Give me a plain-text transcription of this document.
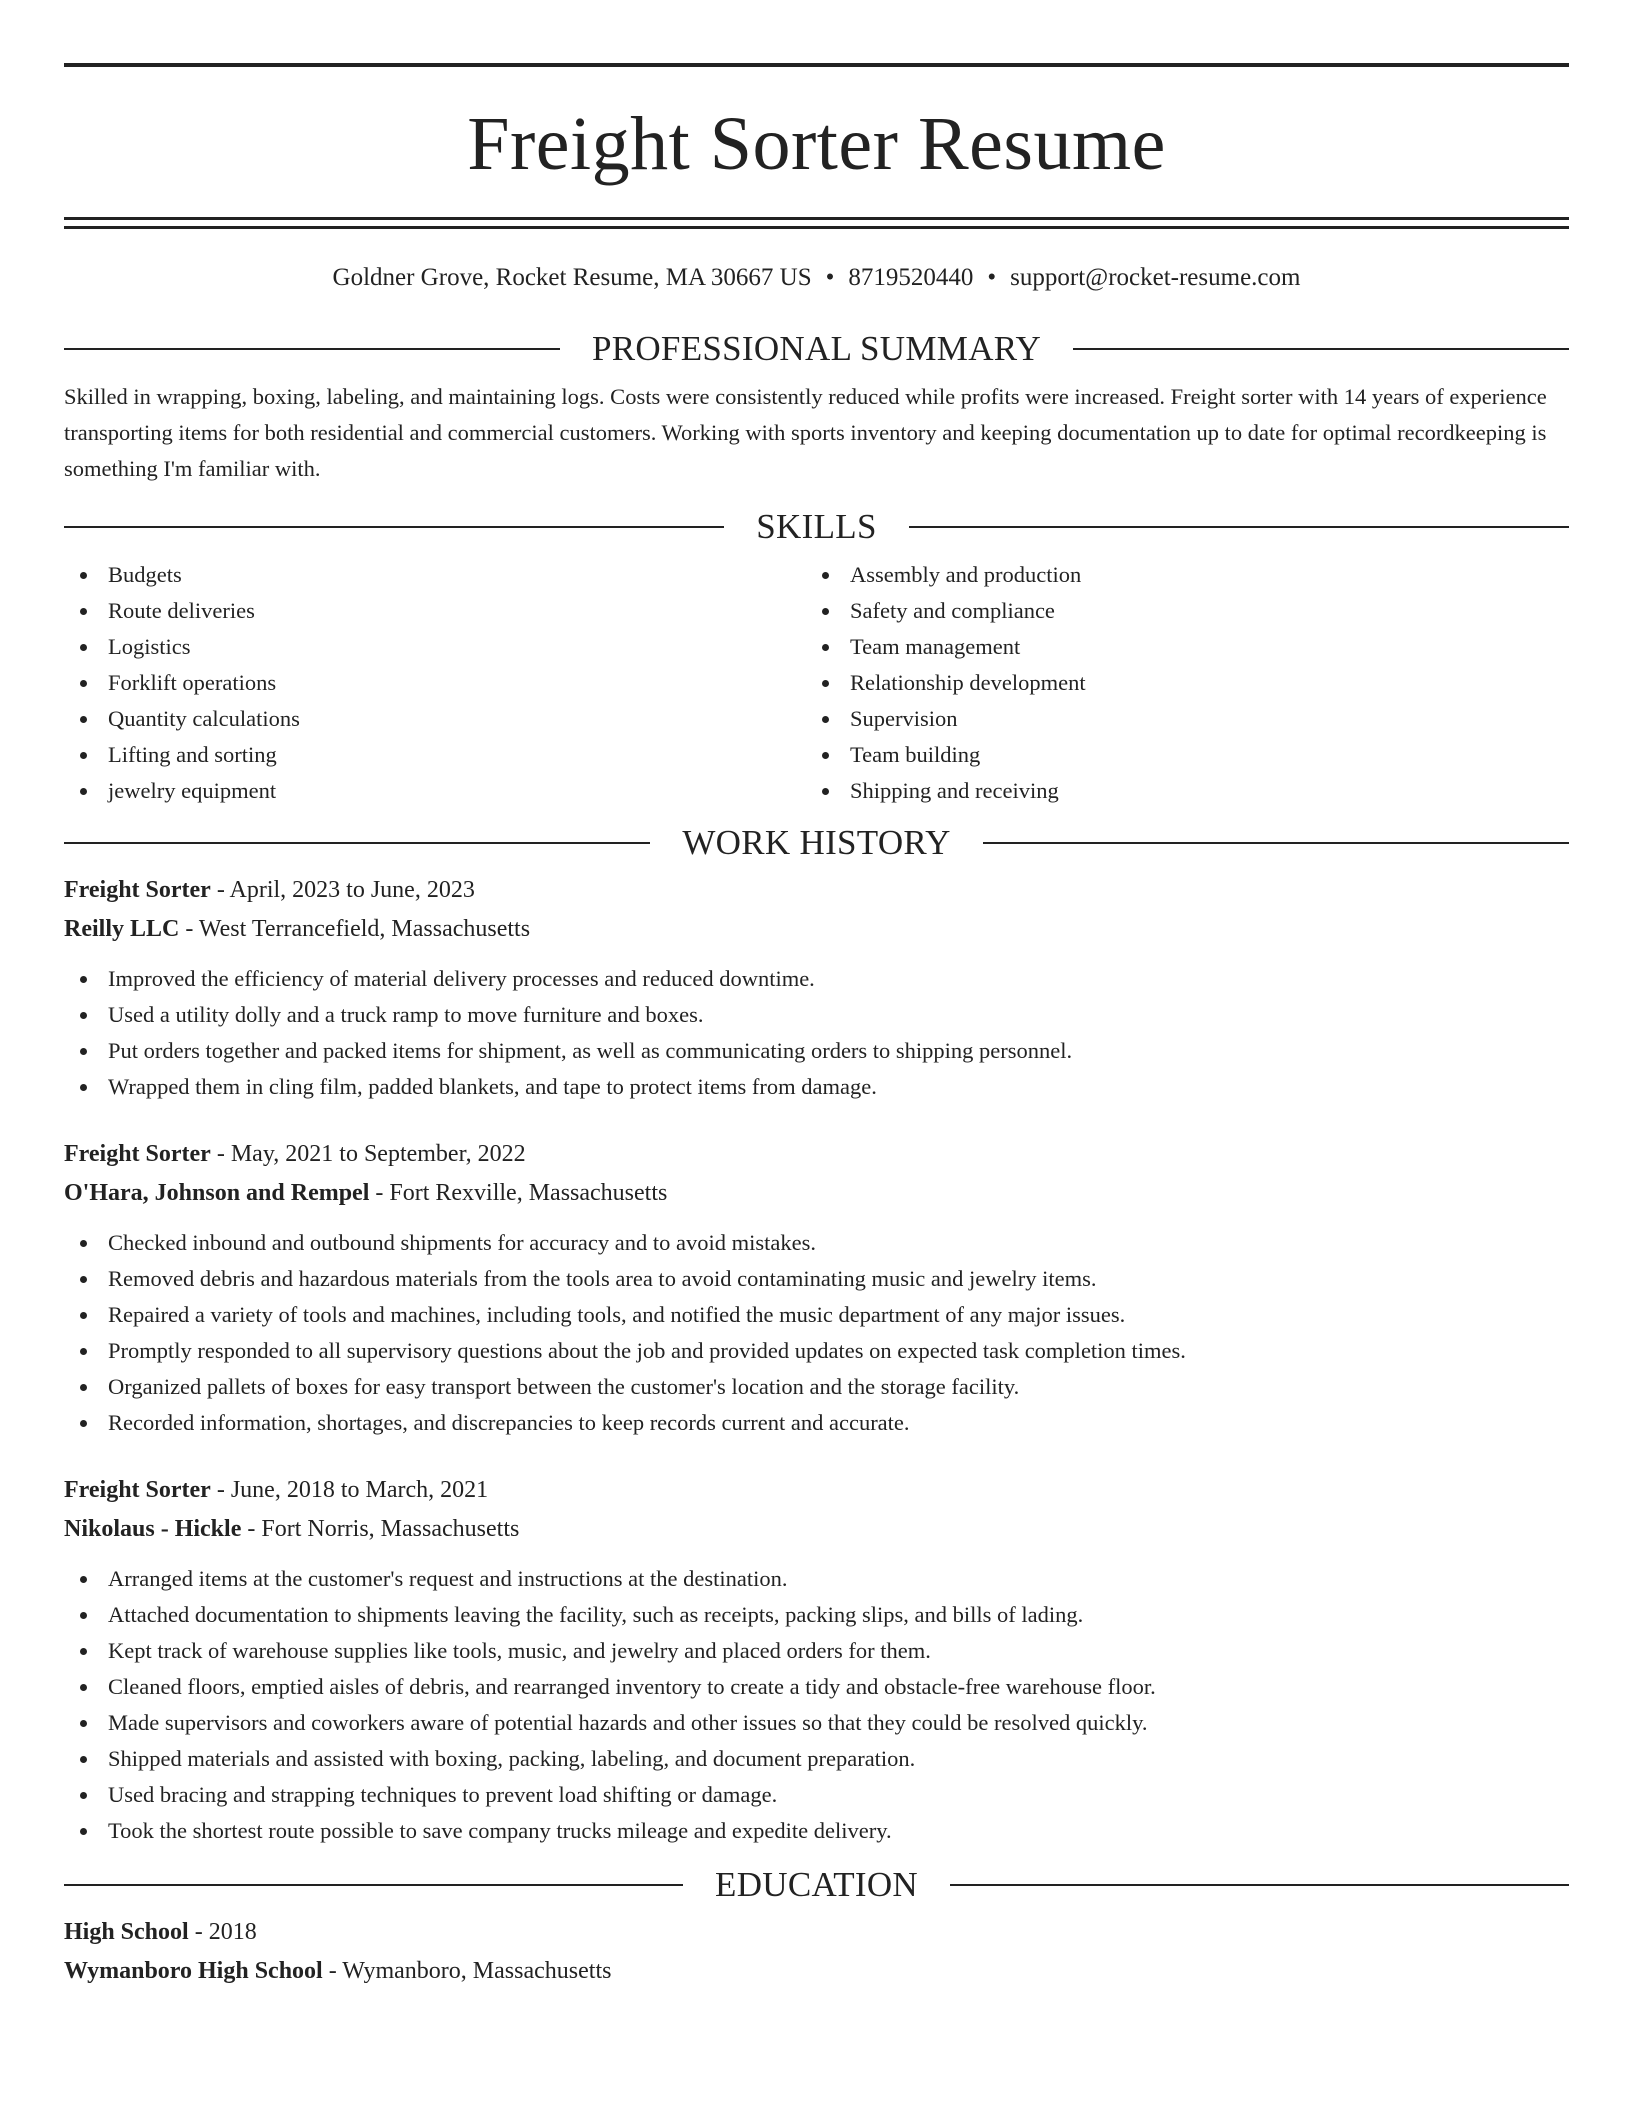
Freight Sorter Resume
Goldner Grove, Rocket Resume, MA 30667 US • 8719520440 • support@rocket-resume.com
PROFESSIONAL SUMMARY
Skilled in wrapping, boxing, labeling, and maintaining logs. Costs were consistently reduced while profits were increased. Freight sorter with 14 years of experience transporting items for both residential and commercial customers. Working with sports inventory and keeping documentation up to date for optimal recordkeeping is something I'm familiar with.
SKILLS
Budgets
Route deliveries
Logistics
Forklift operations
Quantity calculations
Lifting and sorting
jewelry equipment
Assembly and production
Safety and compliance
Team management
Relationship development
Supervision
Team building
Shipping and receiving
WORK HISTORY
Freight Sorter - April, 2023 to June, 2023
Reilly LLC - West Terrancefield, Massachusetts
Improved the efficiency of material delivery processes and reduced downtime.
Used a utility dolly and a truck ramp to move furniture and boxes.
Put orders together and packed items for shipment, as well as communicating orders to shipping personnel.
Wrapped them in cling film, padded blankets, and tape to protect items from damage.
Freight Sorter - May, 2021 to September, 2022
O'Hara, Johnson and Rempel - Fort Rexville, Massachusetts
Checked inbound and outbound shipments for accuracy and to avoid mistakes.
Removed debris and hazardous materials from the tools area to avoid contaminating music and jewelry items.
Repaired a variety of tools and machines, including tools, and notified the music department of any major issues.
Promptly responded to all supervisory questions about the job and provided updates on expected task completion times.
Organized pallets of boxes for easy transport between the customer's location and the storage facility.
Recorded information, shortages, and discrepancies to keep records current and accurate.
Freight Sorter - June, 2018 to March, 2021
Nikolaus - Hickle - Fort Norris, Massachusetts
Arranged items at the customer's request and instructions at the destination.
Attached documentation to shipments leaving the facility, such as receipts, packing slips, and bills of lading.
Kept track of warehouse supplies like tools, music, and jewelry and placed orders for them.
Cleaned floors, emptied aisles of debris, and rearranged inventory to create a tidy and obstacle-free warehouse floor.
Made supervisors and coworkers aware of potential hazards and other issues so that they could be resolved quickly.
Shipped materials and assisted with boxing, packing, labeling, and document preparation.
Used bracing and strapping techniques to prevent load shifting or damage.
Took the shortest route possible to save company trucks mileage and expedite delivery.
EDUCATION
High School - 2018
Wymanboro High School - Wymanboro, Massachusetts
